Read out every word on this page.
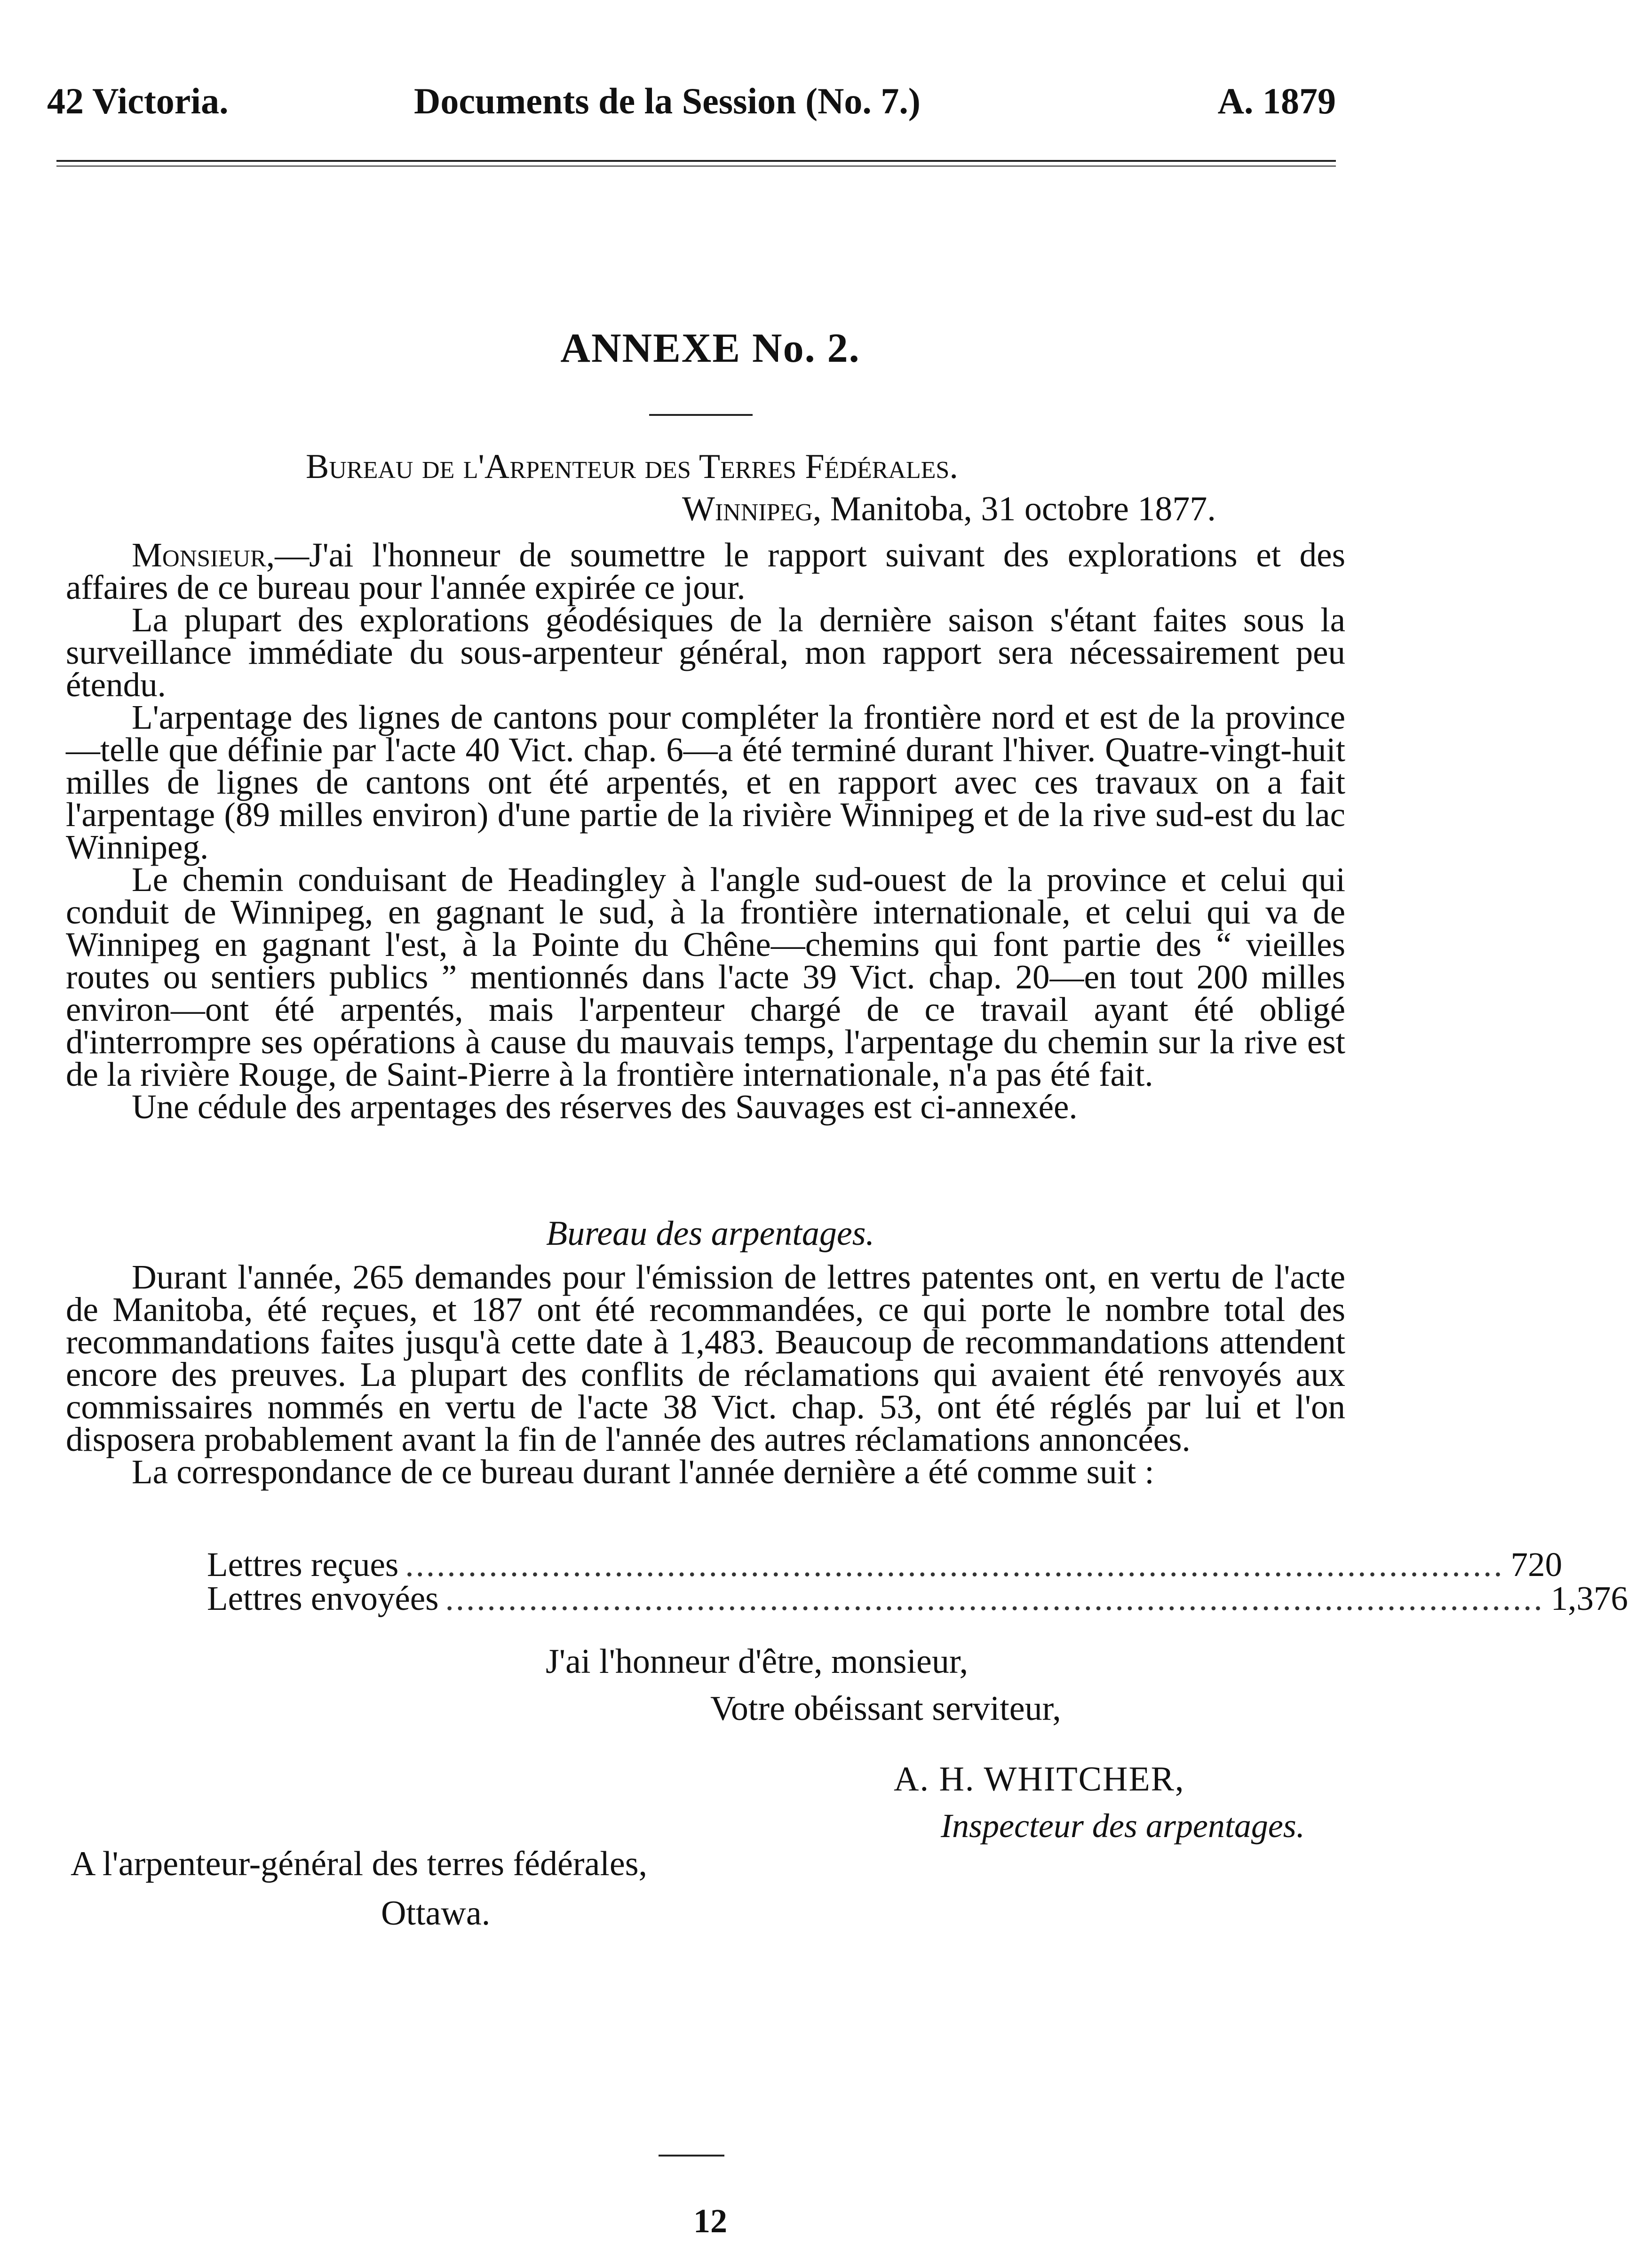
42 Victoria.	Documents de la Session (No. 7.)	A. 1879
ANNEXE No. 2.
Bureau de l'Arpenteur des Terres Fédérales.
Winnipeg, Manitoba, 31 octobre 1877.

Monsieur,—J'ai l'honneur de soumettre le rapport suivant des explorations et des affaires de ce bureau pour l'année expirée ce jour.

La plupart des explorations géodésiques de la dernière saison s'étant faites sous la surveillance immédiate du sous-arpenteur général, mon rapport sera nécessairement peu étendu.

L'arpentage des lignes de cantons pour compléter la frontière nord et est de la province—telle que définie par l'acte 40 Vict. chap. 6—a été terminé durant l'hiver. Quatre-vingt-huit milles de lignes de cantons ont été arpentés, et en rapport avec ces travaux on a fait l'arpentage (89 milles environ) d'une partie de la rivière Winnipeg et de la rive sud-est du lac Winnipeg.

Le chemin conduisant de Headingley à l'angle sud-ouest de la province et celui qui conduit de Winnipeg, en gagnant le sud, à la frontière internationale, et celui qui va de Winnipeg en gagnant l'est, à la Pointe du Chêne—chemins qui font partie des “ vieilles routes ou sentiers publics ” mentionnés dans l'acte 39 Vict. chap. 20—en tout 200 milles environ—ont été arpentés, mais l'arpenteur chargé de ce travail ayant été obligé d'interrompre ses opérations à cause du mauvais temps, l'arpentage du chemin sur la rive est de la rivière Rouge, de Saint-Pierre à la frontière internationale, n'a pas été fait.

Une cédule des arpentages des réserves des Sauvages est ci-annexée.

Bureau des arpentages.

Durant l'année, 265 demandes pour l'émission de lettres patentes ont, en vertu de l'acte de Manitoba, été reçues, et 187 ont été recommandées, ce qui porte le nombre total des recommandations faites jusqu'à cette date à 1,483. Beaucoup de recommandations attendent encore des preuves. La plupart des conflits de réclamations qui avaient été renvoyés aux commissaires nommés en vertu de l'acte 38 Vict. chap. 53, ont été réglés par lui et l'on disposera probablement avant la fin de l'année des autres réclamations annoncées.

La correspondance de ce bureau durant l'année dernière a été comme suit :

Lettres reçues ......................................................................................................... 720
Lettres envoyées ......................................................................................................... 1,376
J'ai l'honneur d'être, monsieur,
Votre obéissant serviteur,
A. H. WHITCHER,
Inspecteur des arpentages.
A l'arpenteur-général des terres fédérales,
Ottawa.
12
